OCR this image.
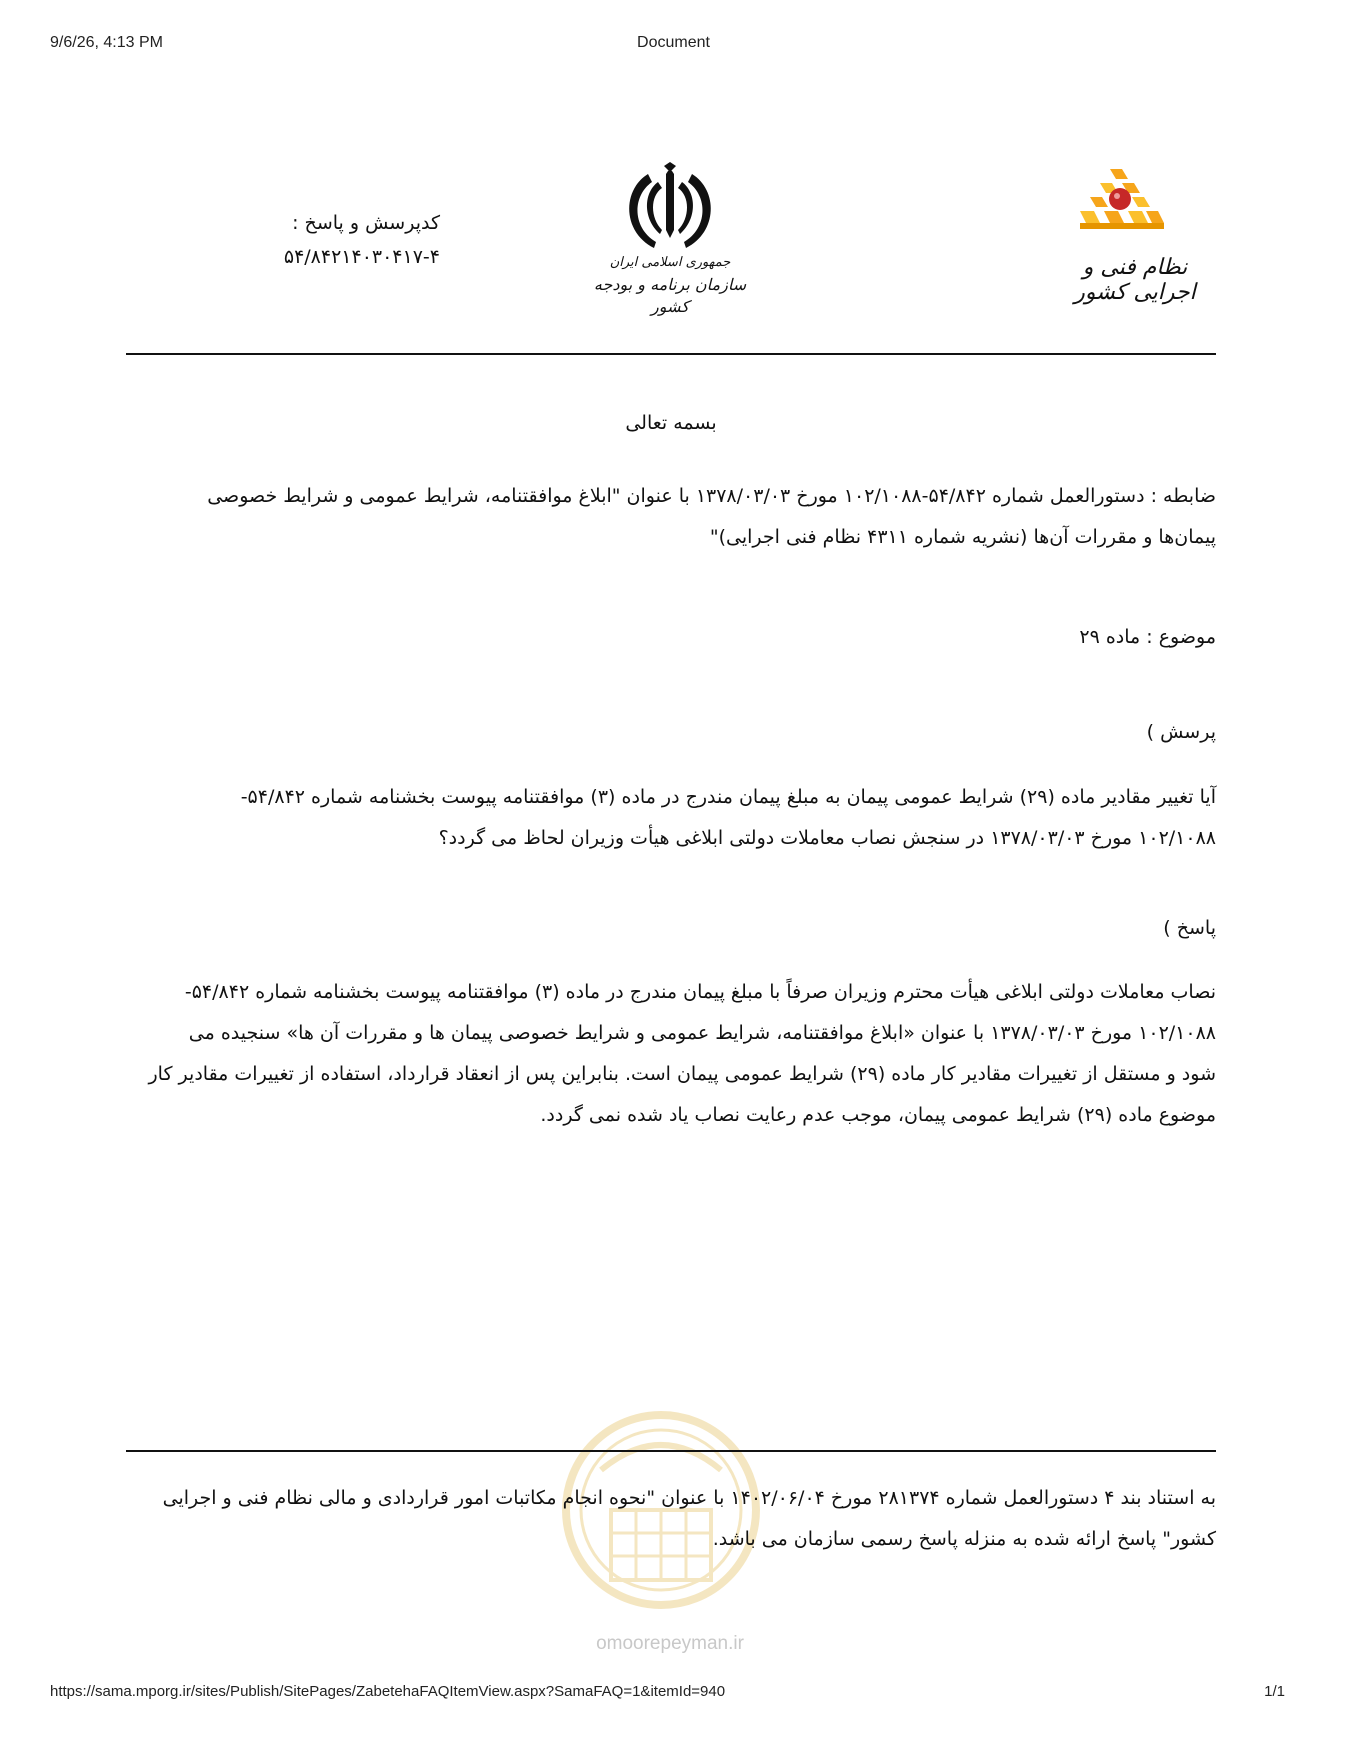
9/6/26, 4:13 PM	Document
کدپرسش و پاسخ :
۵۴/۸۴۲۱۴۰۳۰۴۱۷-۴	جمهوری اسلامی ایران
سازمان برنامه و بودجه کشور
نظام فنی و اجرایی کشور
بسمه تعالی
ضابطه : دستورالعمل شماره ۵۴/۸۴۲-۱۰۲/۱۰۸۸ مورخ ۱۳۷۸/۰۳/۰۳ با عنوان "ابلاغ موافقتنامه، شرایط عمومی و شرایط خصوصی
پیمان‌ها و مقررات آن‌ها (نشریه شماره ۴۳۱۱ نظام فنی اجرایی)"
موضوع : ماده ۲۹
پرسش )
آیا تغییر مقادیر ماده (۲۹) شرایط عمومی پیمان به مبلغ پیمان مندرج در ماده (۳) موافقتنامه پیوست بخشنامه شماره ۵۴/۸۴۲-
۱۰۲/۱۰۸۸ مورخ ۱۳۷۸/۰۳/۰۳ در سنجش نصاب معاملات دولتی ابلاغی هیأت وزیران لحاظ می گردد؟
پاسخ )
نصاب معاملات دولتی ابلاغی هیأت محترم وزیران صرفاً با مبلغ پیمان مندرج در ماده (۳) موافقتنامه پیوست بخشنامه شماره ۵۴/۸۴۲-
۱۰۲/۱۰۸۸ مورخ ۱۳۷۸/۰۳/۰۳ با عنوان «ابلاغ موافقتنامه، شرایط عمومی و شرایط خصوصی پیمان ها و مقررات آن ها» سنجیده می
شود و مستقل از تغییرات مقادیر کار ماده (۲۹) شرایط عمومی پیمان است. بنابراین پس از انعقاد قرارداد، استفاده از تغییرات مقادیر کار
موضوع ماده (۲۹) شرایط عمومی پیمان، موجب عدم رعایت نصاب یاد شده نمی گردد.
omoorepeyman.ir
به استناد بند ۴ دستورالعمل شماره ۲۸۱۳۷۴ مورخ ۱۴۰۲/۰۶/۰۴ با عنوان "نحوه انجام مکاتبات امور قراردادی و مالی نظام فنی و اجرایی
کشور" پاسخ ارائه شده به منزله پاسخ رسمی سازمان می باشد.
https://sama.mporg.ir/sites/Publish/SitePages/ZabetehaFAQItemView.aspx?SamaFAQ=1&itemId=940	1/1
